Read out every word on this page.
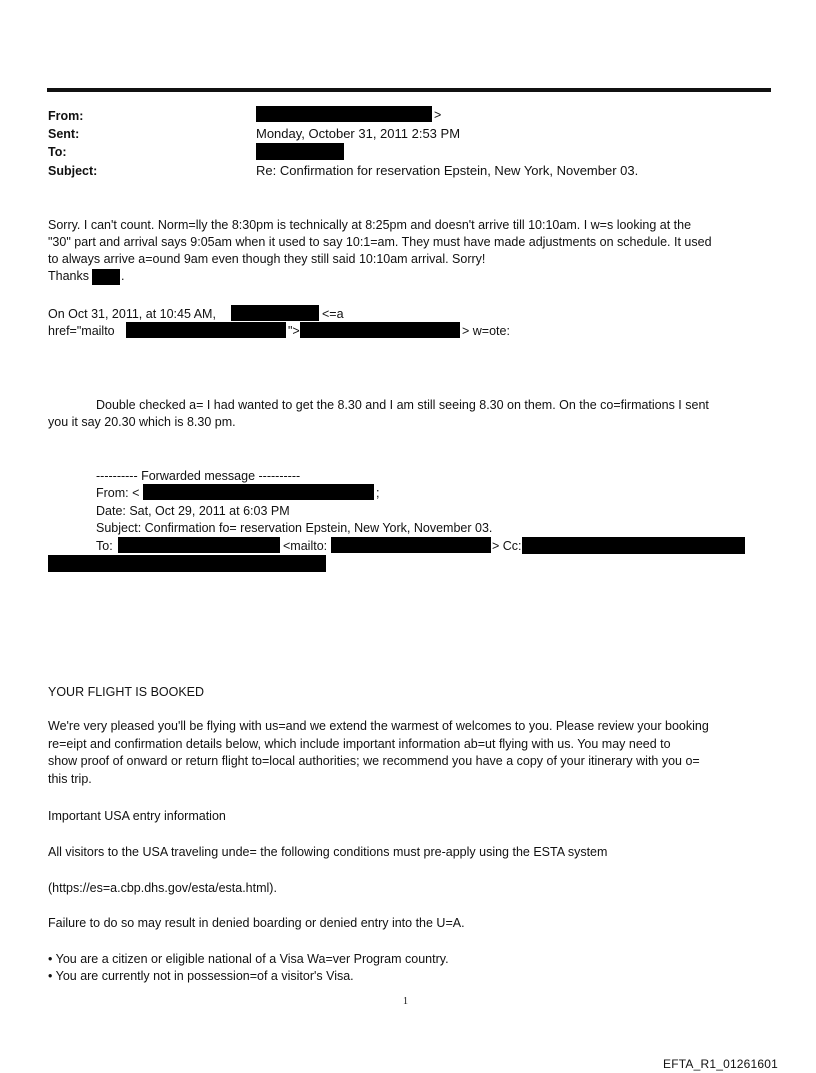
From:	>
Sent:	Monday, October 31, 2011 2:53 PM
To:
Subject:	Re: Confirmation for reservation Epstein, New York, November 03.
Sorry. I can't count. Norm=lly the 8:30pm is technically at 8:25pm and doesn't arrive till 10:10am. I w=s looking at the
"30" part and arrival says 9:05am when it used to say 10:1=am. They must have made adjustments on schedule. It used
to always arrive a=ound 9am even though they still said 10:10am arrival. Sorry!
Thanks	.
On Oct 31, 2011, at 10:45 AM,	<=a
href="mailto	">	> w=ote:
Double checked a= I had wanted to get the 8.30 and I am still seeing 8.30 on them. On the co=firmations I sent
you it say 20.30 which is 8.30 pm.
---------- Forwarded message ----------
From: <	;
Date: Sat, Oct 29, 2011 at 6:03 PM
Subject: Confirmation fo= reservation Epstein, New York, November 03.
To:	<mailto:	> Cc:
YOUR FLIGHT IS BOOKED
We're very pleased you'll be flying with us=and we extend the warmest of welcomes to you. Please review your booking
re=eipt and confirmation details below, which include important information ab=ut flying with us. You may need to
show proof of onward or return flight to=local authorities; we recommend you have a copy of your itinerary with you o=
this trip.
Important USA entry information
All visitors to the USA traveling unde= the following conditions must pre-apply using the ESTA system
(https://es=a.cbp.dhs.gov/esta/esta.html).
Failure to do so may result in denied boarding or denied entry into the U=A.
• You are a citizen or eligible national of a Visa Wa=ver Program country.
• You are currently not in possession=of a visitor's Visa.
1
EFTA_R1_01261601
